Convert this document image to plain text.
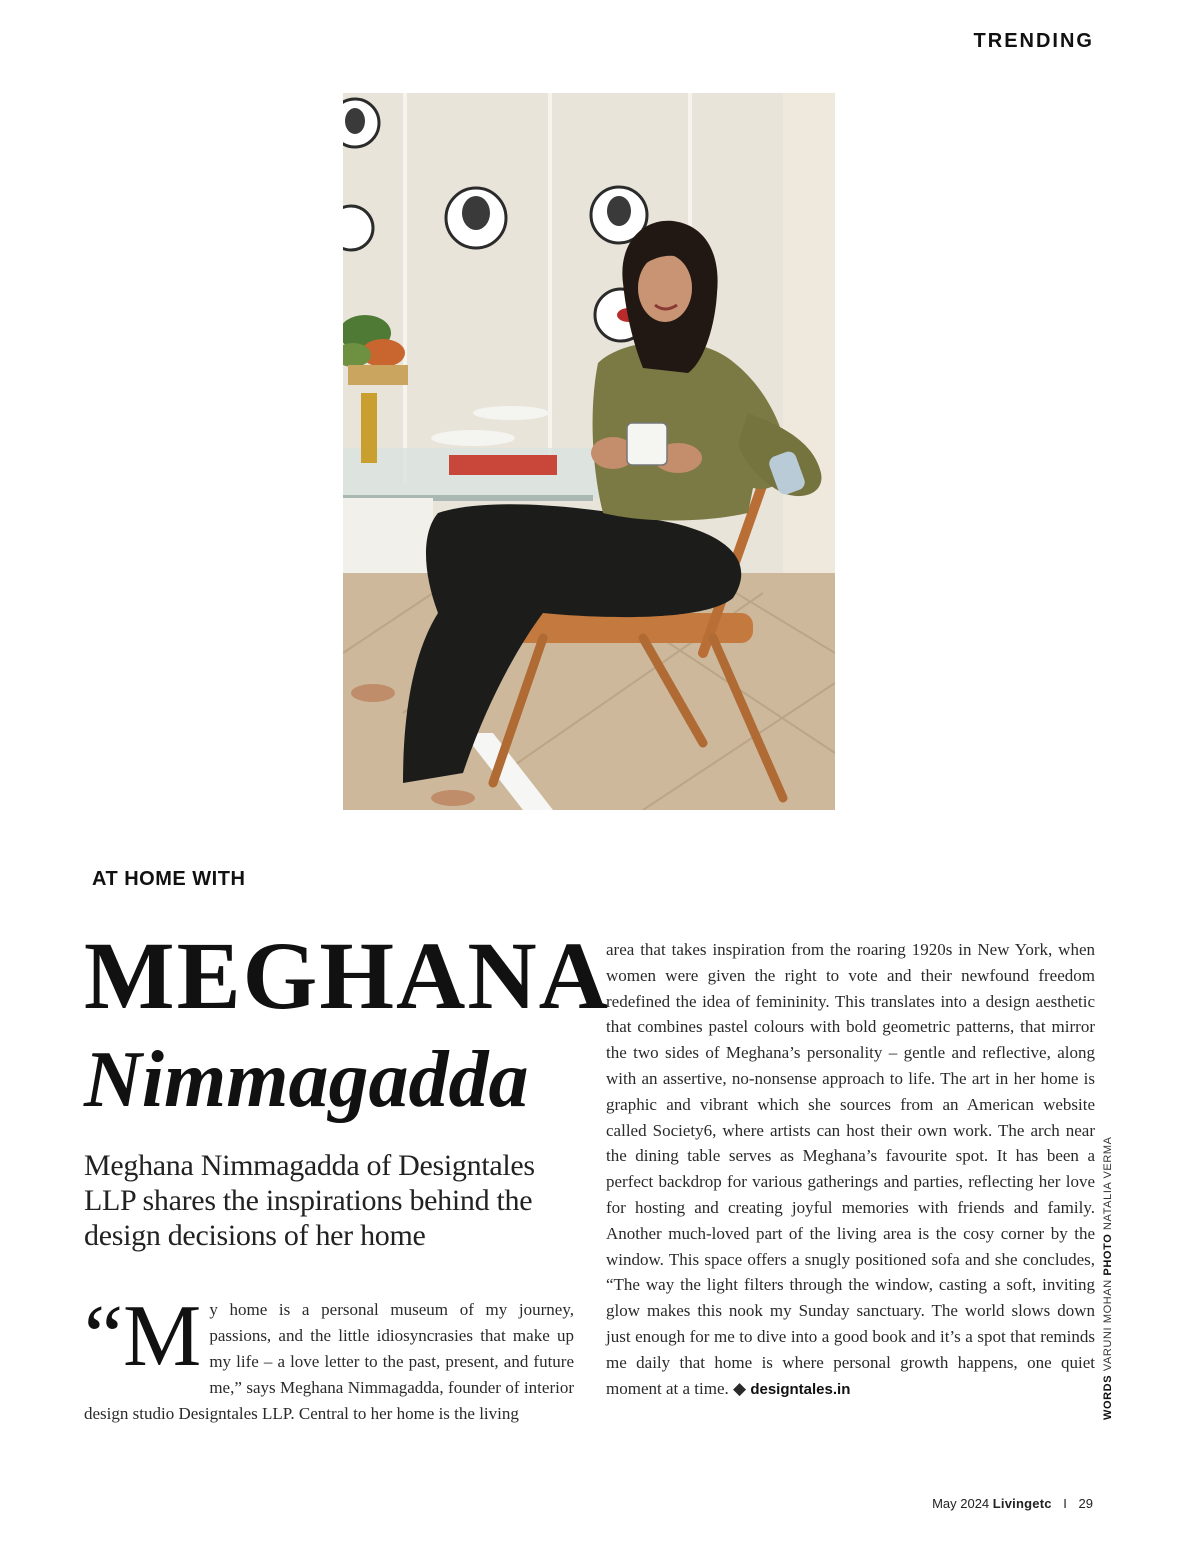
TRENDING
AT HOME WITH
MEGHANA
Nimmagadda

Meghana Nimmagadda of Designtales LLP shares the inspirations behind the design decisions of her home

“M y home is a personal museum of my journey, passions, and the little idiosyncrasies that make up my life – a love letter to the past, present, and future me,” says Meghana Nimmagadda, founder of interior design studio Designtales LLP. Central to her home is the living
area that takes inspiration from the roaring 1920s in New York, when women were given the right to vote and their newfound freedom redefined the idea of femininity. This translates into a design aesthetic that combines pastel colours with bold geometric patterns, that mirror the two sides of Meghana’s personality – gentle and reflective, along with an assertive, no-nonsense approach to life. The art in her home is graphic and vibrant which she sources from an American website called Society6, where artists can host their own work. The arch near the dining table serves as Meghana’s favourite spot. It has been a perfect backdrop for various gatherings and parties, reflecting her love for hosting and creating joyful memories with friends and family. Another much-loved part of the living area is the cosy corner by the window. This space offers a snugly positioned sofa and she concludes, “The way the light filters through the window, casting a soft, inviting glow makes this nook my Sunday sanctuary. The world slows down just enough for me to dive into a good book and it’s a spot that reminds me daily that home is where personal growth happens, one quiet moment at a time. ◆ designtales.in	WORDS VARUNI MOHAN PHOTO NATALIA VERMA
May 2024 Livingetc I 29
